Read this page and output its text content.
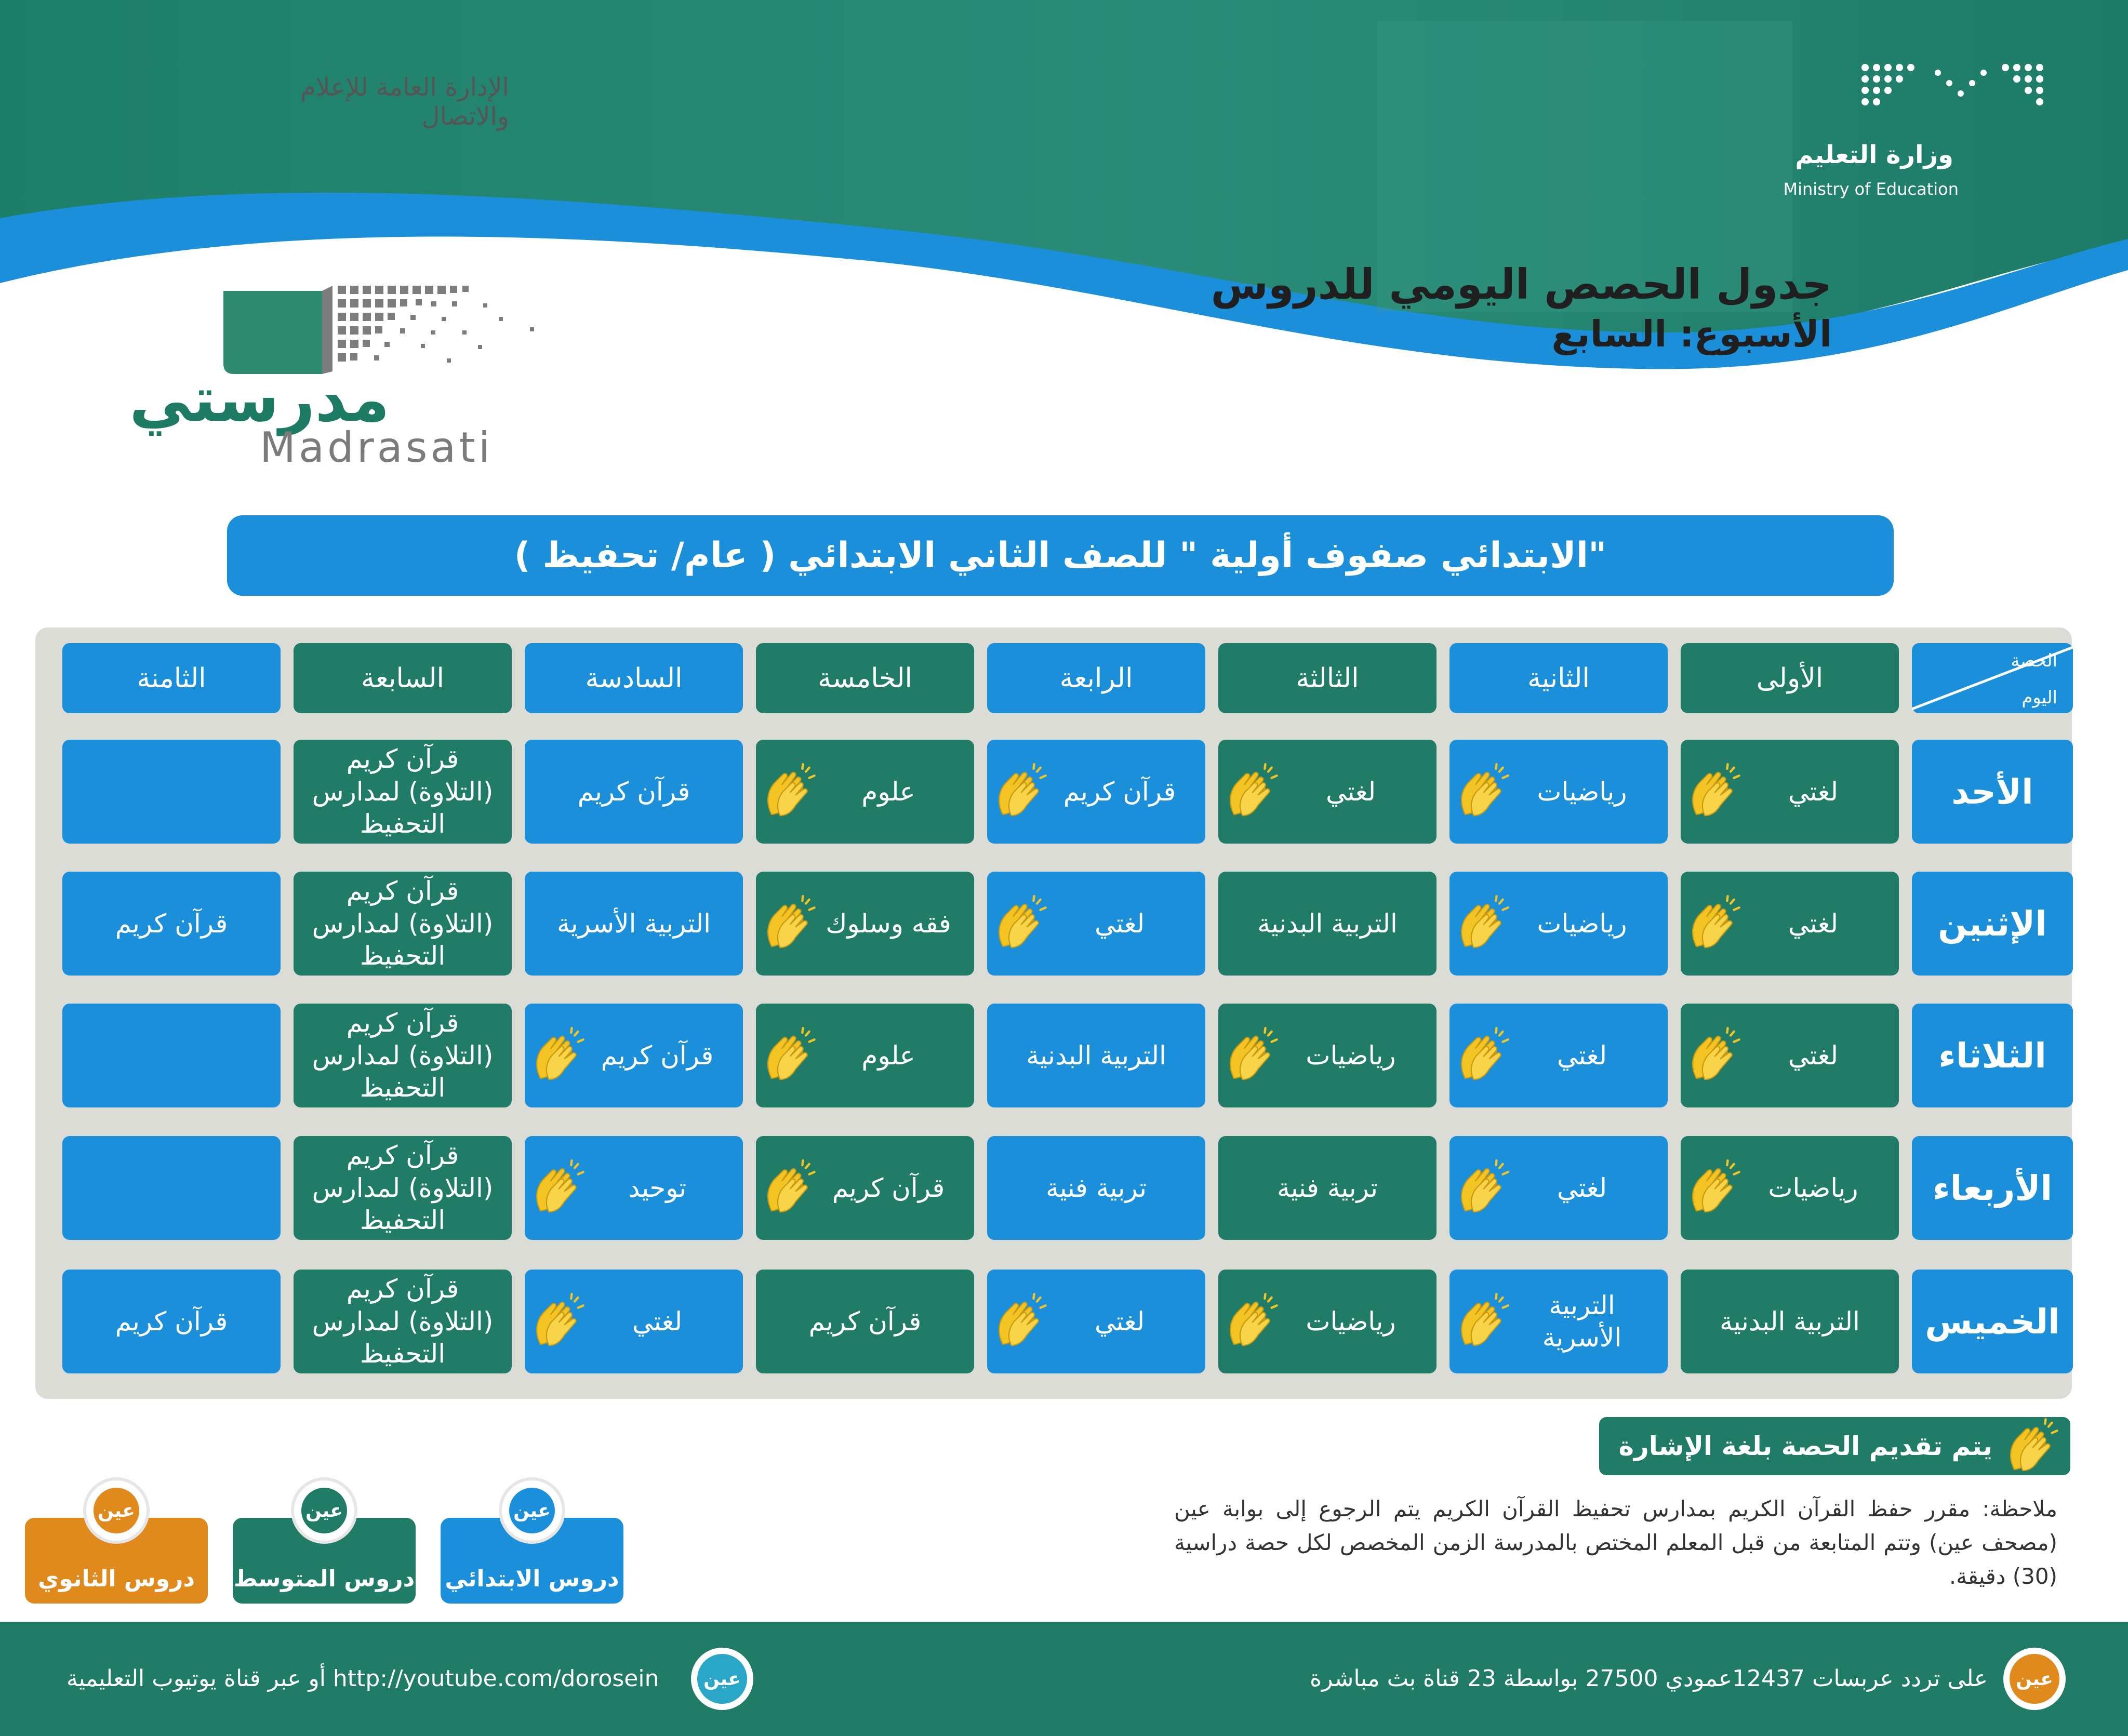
الإدارة العامة للإعلام والاتصال
وزارة التعليم
Ministry of Education
جدول الحصص اليومي للدروس
الأسبوع: السابع
مدرستي
Madrasati
"الابتدائي صفوف أولية " للصف الثاني الابتدائي ( عام/ تحفيظ )
الحصة
اليوم
الأولى
الثانية
الثالثة
الرابعة
الخامسة
السادسة
السابعة
الثامنة
الأحد
لغتي
رياضيات
لغتي
قرآن كريم
علوم
قرآن كريم
قرآن كريم (التلاوة) لمدارس التحفيظ
الإثنين
لغتي
رياضيات
التربية البدنية
لغتي
فقه وسلوك
التربية الأسرية
قرآن كريم (التلاوة) لمدارس التحفيظ
قرآن كريم
الثلاثاء
لغتي
لغتي
رياضيات
التربية البدنية
علوم
قرآن كريم
قرآن كريم (التلاوة) لمدارس التحفيظ
الأربعاء
رياضيات
لغتي
تربية فنية
تربية فنية
قرآن كريم
توحيد
قرآن كريم (التلاوة) لمدارس التحفيظ
الخميس
التربية البدنية
التربية الأسرية
رياضيات
لغتي
قرآن كريم
لغتي
قرآن كريم (التلاوة) لمدارس التحفيظ
قرآن كريم
يتم تقديم الحصة بلغة الإشارة
ملاحظة: مقرر حفظ القرآن الكريم بمدارس تحفيظ القرآن الكريم يتم الرجوع إلى بوابة عين (مصحف عين) وتتم المتابعة من قبل المعلم المختص بالمدرسة الزمن المخصص لكل حصة دراسية (30) دقيقة.
عين
دروس الابتدائي
عين
دروس المتوسط
عين
دروس الثانوي
عين
على تردد عربسات 12437عمودي 27500 بواسطة 23 قناة بث مباشرة
عين
http://youtube.com/dorosein أو عبر قناة يوتيوب التعليمية
